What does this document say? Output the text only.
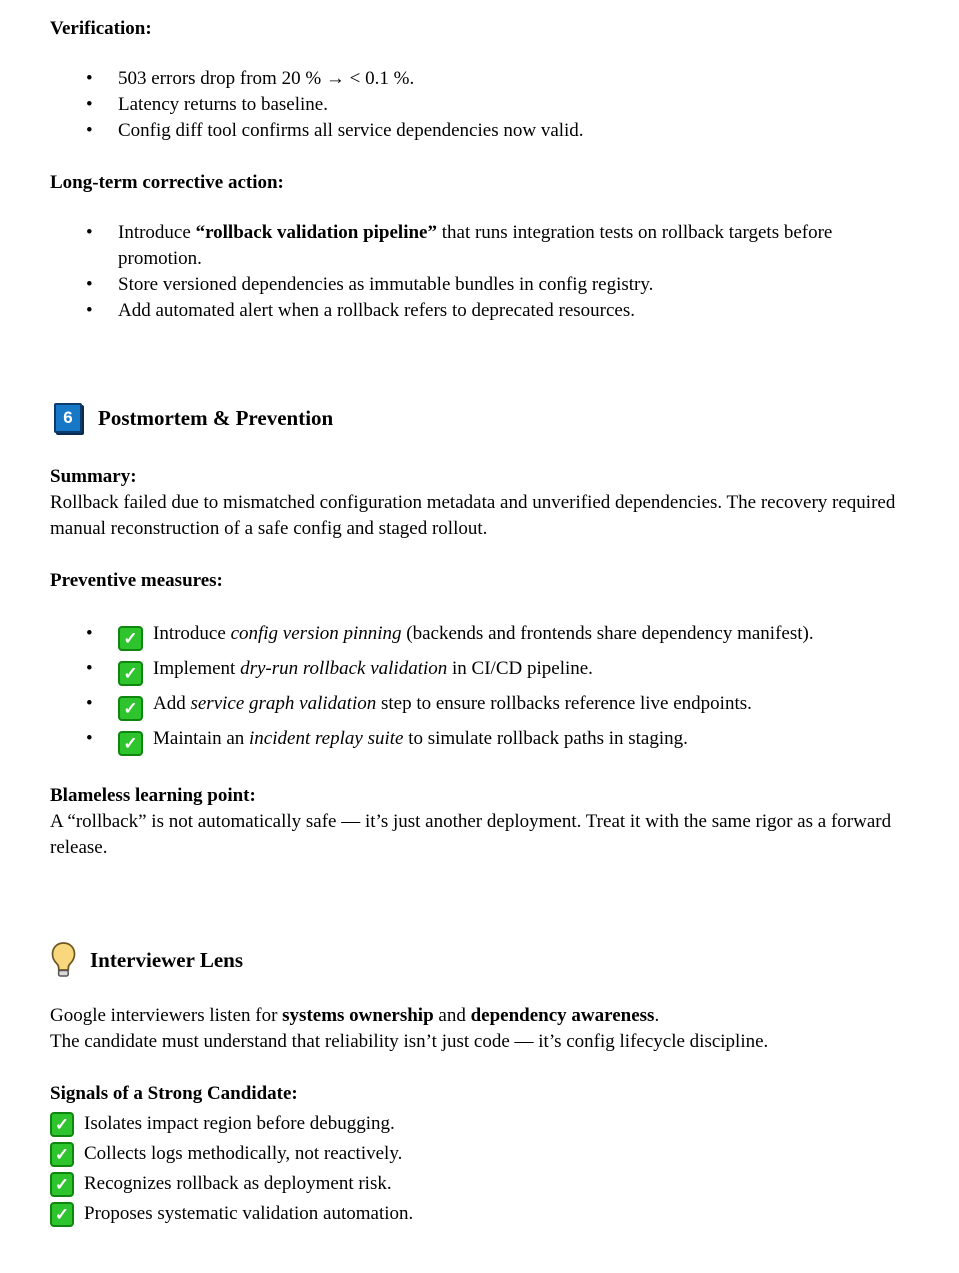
Verification:
• 503 errors drop from 20 % → < 0.1 %.
• Latency returns to baseline.
• Config diff tool confirms all service dependencies now valid.
Long-term corrective action:
• Introduce “rollback validation pipeline” that runs integration tests on rollback targets before promotion.
• Store versioned dependencies as immutable bundles in config registry.
• Add automated alert when a rollback refers to deprecated resources.
6	Postmortem & Prevention
Summary:

Rollback failed due to mismatched configuration metadata and unverified dependencies. The recovery required manual reconstruction of a safe config and staged rollout.

Preventive measures:
• ✓ Introduce config version pinning (backends and frontends share dependency manifest).
• ✓ Implement dry-run rollback validation in CI/CD pipeline.
• ✓ Add service graph validation step to ensure rollbacks reference live endpoints.
• ✓ Maintain an incident replay suite to simulate rollback paths in staging.
Blameless learning point:

A “rollback” is not automatically safe — it’s just another deployment. Treat it with the same rigor as a forward release.

Interviewer Lens

Google interviewers listen for systems ownership and dependency awareness.

The candidate must understand that reliability isn’t just code — it’s config lifecycle discipline.

Signals of a Strong Candidate:
✓ Isolates impact region before debugging.
✓ Collects logs methodically, not reactively.
✓ Recognizes rollback as deployment risk.
✓ Proposes systematic validation automation.
